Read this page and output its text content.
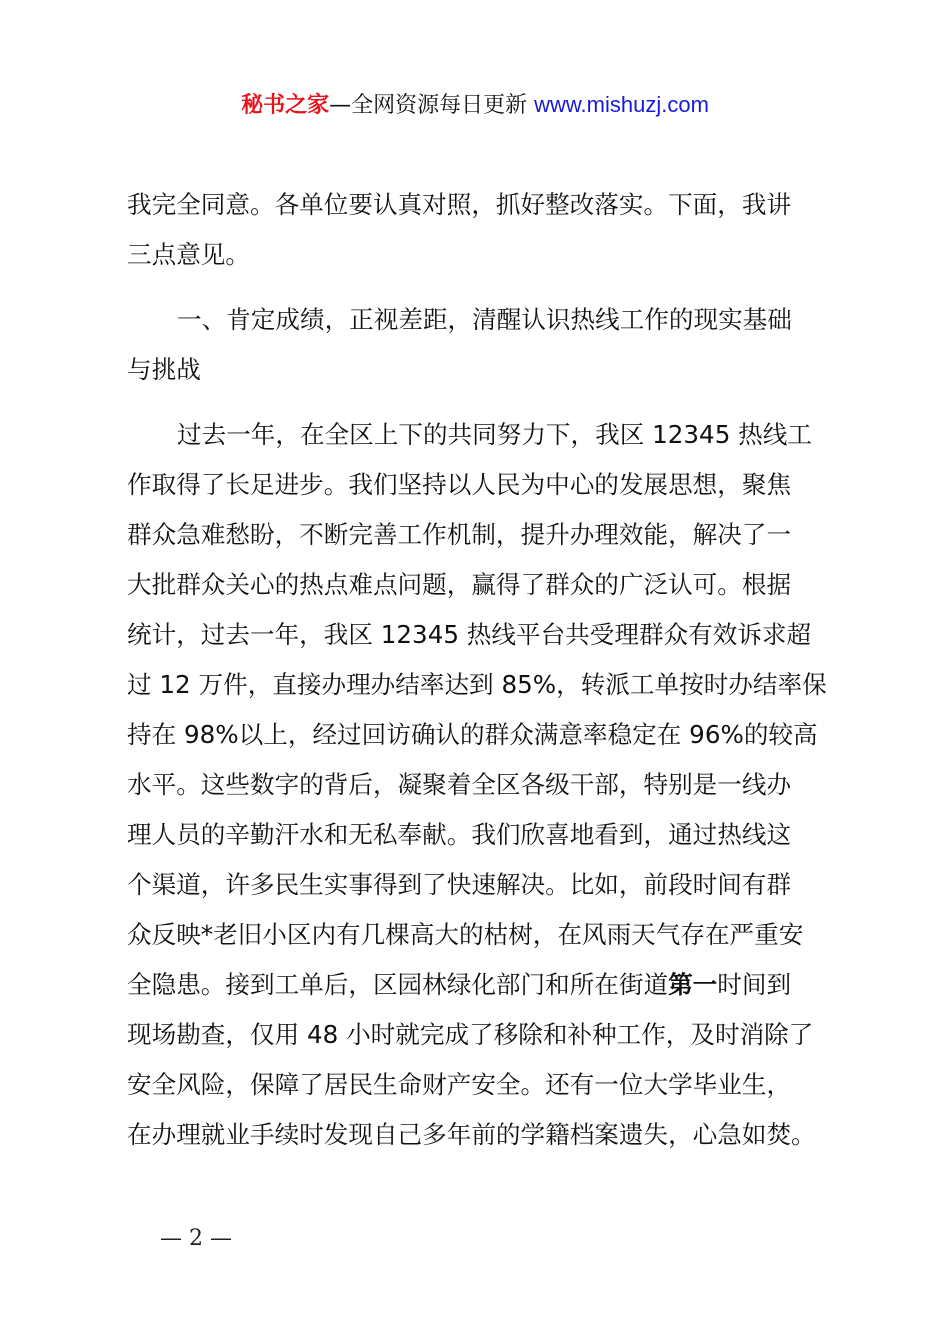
秘书之家—全网资源每日更新 www.mishuzj.com
我完全同意。各单位要认真对照，抓好整改落实。下面，我讲
三点意见。
一、肯定成绩，正视差距，清醒认识热线工作的现实基础
与挑战
过去一年，在全区上下的共同努力下，我区 12345 热线工
作取得了长足进步。我们坚持以人民为中心的发展思想，聚焦
群众急难愁盼，不断完善工作机制，提升办理效能，解决了一
大批群众关心的热点难点问题，赢得了群众的广泛认可。根据
统计，过去一年，我区 12345 热线平台共受理群众有效诉求超
过 12 万件，直接办理办结率达到 85%，转派工单按时办结率保
持在 98%以上，经过回访确认的群众满意率稳定在 96%的较高
水平。这些数字的背后，凝聚着全区各级干部，特别是一线办
理人员的辛勤汗水和无私奉献。我们欣喜地看到，通过热线这
个渠道，许多民生实事得到了快速解决。比如，前段时间有群
众反映*老旧小区内有几棵高大的枯树，在风雨天气存在严重安
全隐患。接到工单后，区园林绿化部门和所在街道第一时间到
现场勘查，仅用 48 小时就完成了移除和补种工作，及时消除了
安全风险，保障了居民生命财产安全。还有一位大学毕业生，
在办理就业手续时发现自己多年前的学籍档案遗失，心急如焚。
— 2 —
